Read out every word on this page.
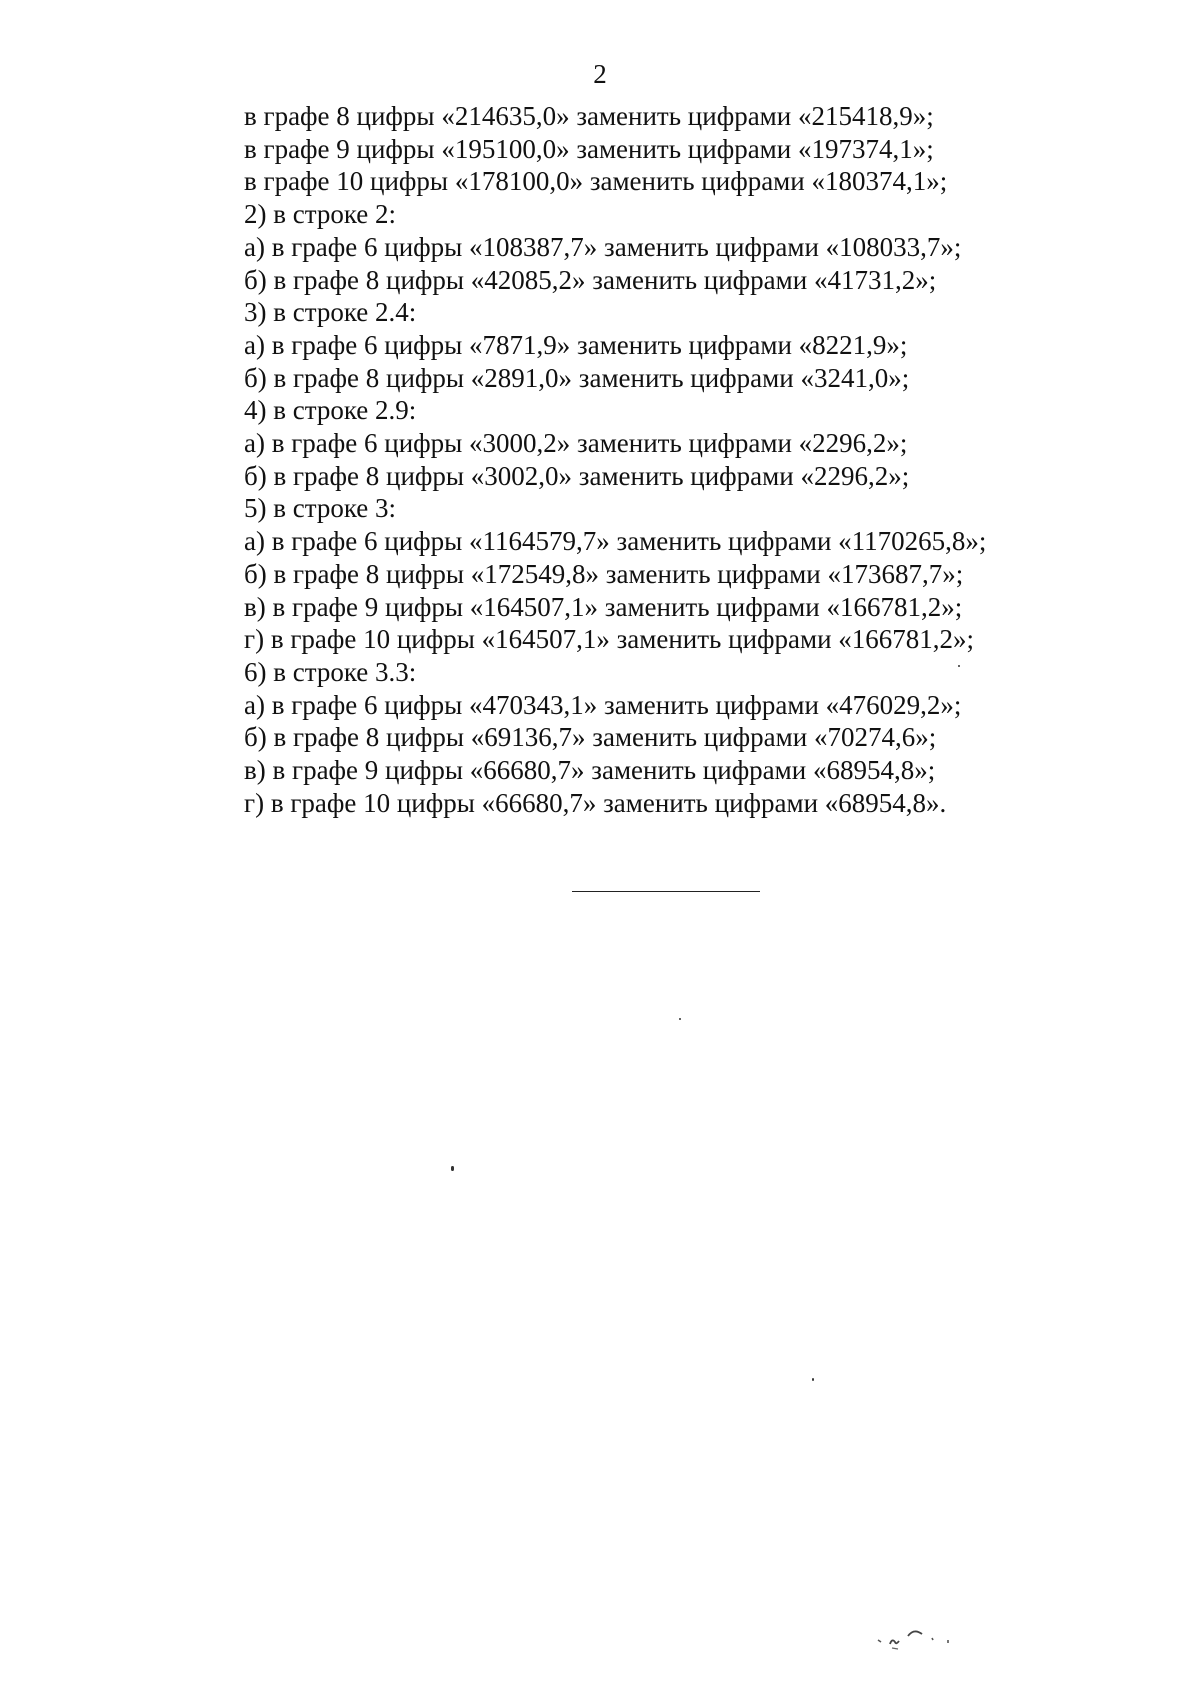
2
в графе 8 цифры «214635,0» заменить цифрами «215418,9»;
в графе 9 цифры «195100,0» заменить цифрами «197374,1»;
в графе 10 цифры «178100,0» заменить цифрами «180374,1»;
2) в строке 2:
а) в графе 6 цифры «108387,7» заменить цифрами «108033,7»;
б) в графе 8 цифры «42085,2» заменить цифрами «41731,2»;
3) в строке 2.4:
а) в графе 6 цифры «7871,9» заменить цифрами «8221,9»;
б) в графе 8 цифры «2891,0» заменить цифрами «3241,0»;
4) в строке 2.9:
а) в графе 6 цифры «3000,2» заменить цифрами «2296,2»;
б) в графе 8 цифры «3002,0» заменить цифрами «2296,2»;
5) в строке 3:
а) в графе 6 цифры «1164579,7» заменить цифрами «1170265,8»;
б) в графе 8 цифры «172549,8» заменить цифрами «173687,7»;
в) в графе 9 цифры «164507,1» заменить цифрами «166781,2»;
г) в графе 10 цифры «164507,1» заменить цифрами «166781,2»;
6) в строке 3.3:
а) в графе 6 цифры «470343,1» заменить цифрами «476029,2»;
б) в графе 8 цифры «69136,7» заменить цифрами «70274,6»;
в) в графе 9 цифры «66680,7» заменить цифрами «68954,8»;
г) в графе 10 цифры «66680,7» заменить цифрами «68954,8».
